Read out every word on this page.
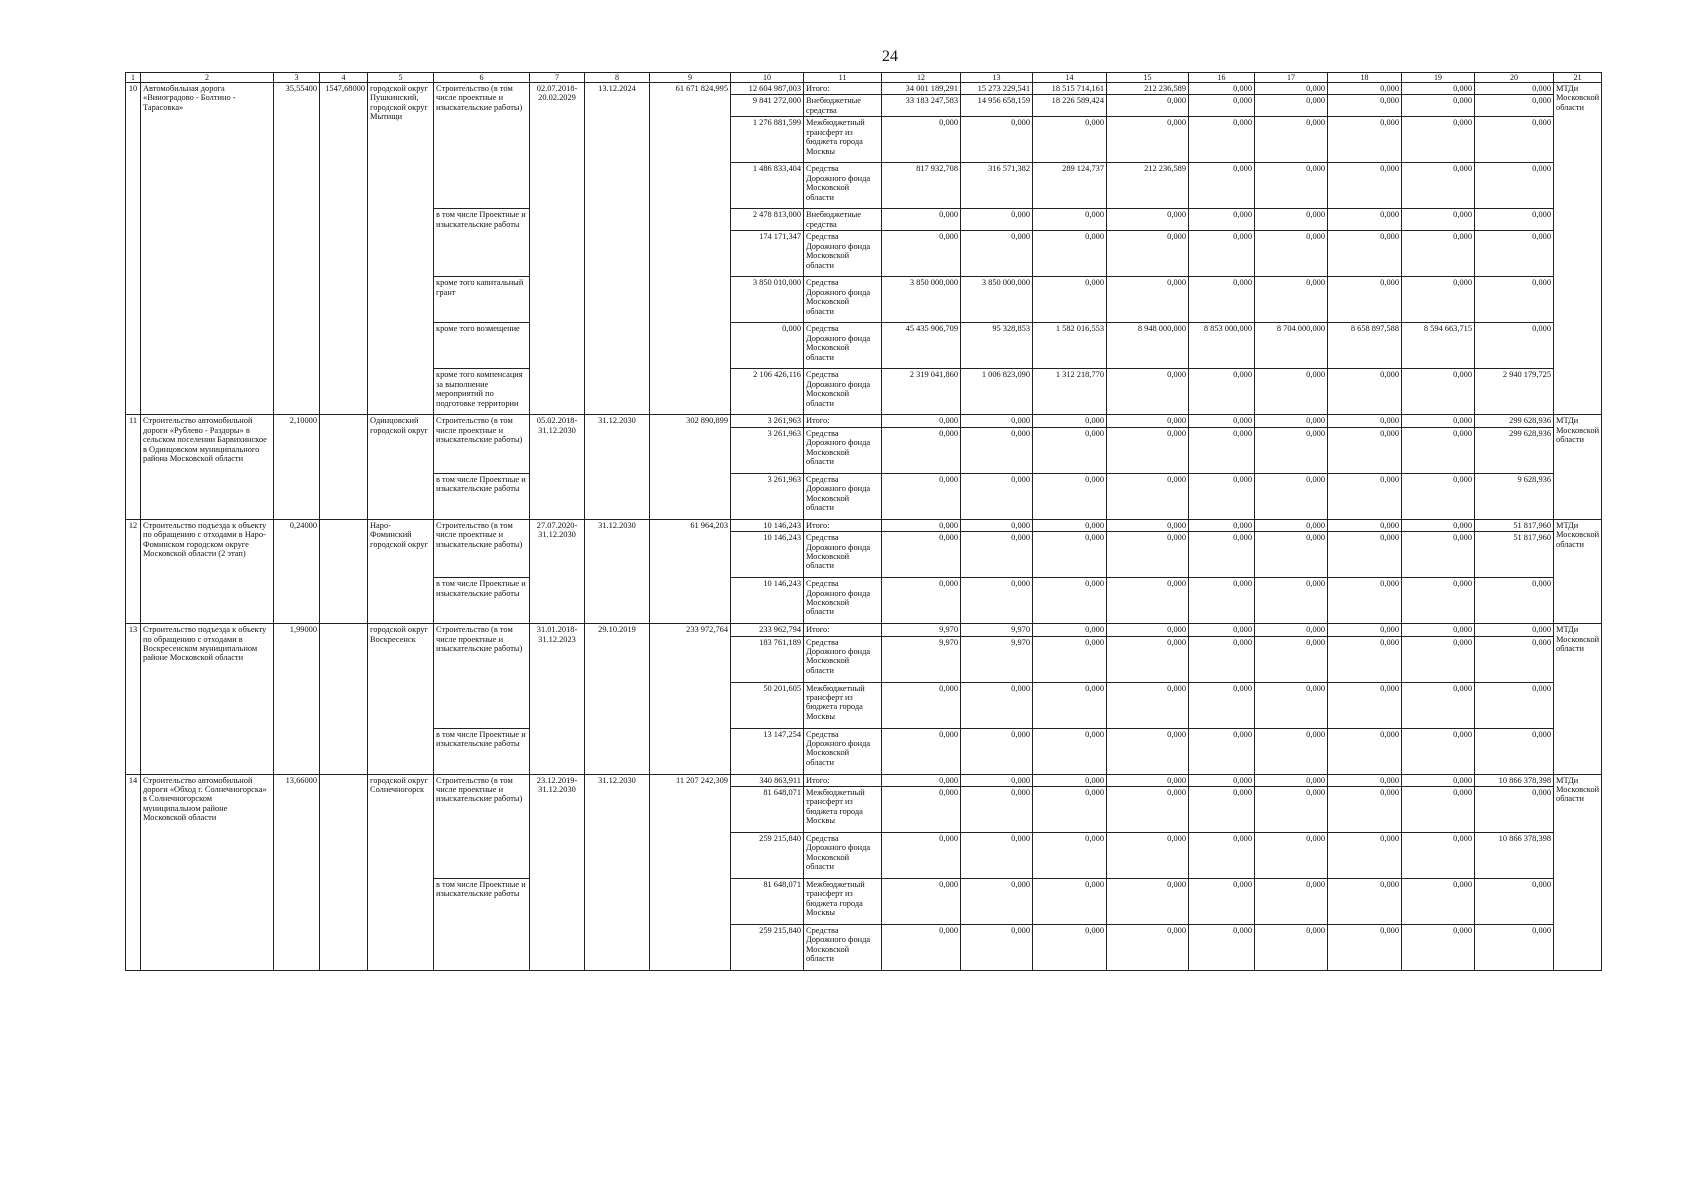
24
1	2	3	4	5	6	7	8	9	10	11	12	13	14	15	16	17	18	19	20	21
10	Автомобильная дорога «Виноградово - Болтино - Тарасовка»	35,55400	1547,68000	городской округ Пушкинский, городской округ Мытищи	Строительство (в том числе проектные и изыскательские работы)	02.07.2018-20.02.2029	13.12.2024	61 671 824,995	12 604 987,003	Итого:	34 001 189,291	15 273 229,541	18 515 714,161	212 236,589	0,000	0,000	0,000	0,000	0,000	МТДи Московской области
									9 841 272,000	Внебюджетные средства	33 183 247,583	14 956 658,159	18 226 589,424	0,000	0,000	0,000	0,000	0,000	0,000	
									1 276 881,599	Межбюджетный трансферт из бюджета города Москвы	0,000	0,000	0,000	0,000	0,000	0,000	0,000	0,000	0,000	
									1 486 833,404	Средства Дорожного фонда Московской области	817 932,708	316 571,382	289 124,737	212 236,589	0,000	0,000	0,000	0,000	0,000	
					в том числе Проектные и изыскательские работы				2 478 813,000	Внебюджетные средства	0,000	0,000	0,000	0,000	0,000	0,000	0,000	0,000	0,000	
									174 171,347	Средства Дорожного фонда Московской области	0,000	0,000	0,000	0,000	0,000	0,000	0,000	0,000	0,000	
					кроме того капитальный грант				3 850 010,000	Средства Дорожного фонда Московской области	3 850 000,000	3 850 000,000	0,000	0,000	0,000	0,000	0,000	0,000	0,000	
					кроме того возмещение				0,000	Средства Дорожного фонда Московской области	45 435 906,709	95 328,853	1 582 016,553	8 948 000,000	8 853 000,000	8 704 000,000	8 658 897,588	8 594 663,715	0,000	
					кроме того компенсация за выполнение мероприятий по подготовке территории				2 106 426,116	Средства Дорожного фонда Московской области	2 319 041,860	1 006 823,090	1 312 218,770	0,000	0,000	0,000	0,000	0,000	2 940 179,725	
11	Строительство автомобильной дороги «Рублево - Раздоры» в сельском поселении Барвихинское в Одинцовском муниципального района Московской области	2,10000		Одинцовский городской округ	Строительство (в том числе проектные и изыскательские работы)	05.02.2018-31.12.2030	31.12.2030	302 890,899	3 261,963	Итого:	0,000	0,000	0,000	0,000	0,000	0,000	0,000	0,000	299 628,936	МТДи Московской области
									3 261,963	Средства Дорожного фонда Московской области	0,000	0,000	0,000	0,000	0,000	0,000	0,000	0,000	299 628,936	
					в том числе Проектные и изыскательские работы				3 261,963	Средства Дорожного фонда Московской области	0,000	0,000	0,000	0,000	0,000	0,000	0,000	0,000	9 628,936	
12	Строительство подъезда к объекту по обращению с отходами в Наро-Фоминском городском округе Московской области (2 этап)	0,24000		Наро-Фоминский городской округ	Строительство (в том числе проектные и изыскательские работы)	27.07.2020-31.12.2030	31.12.2030	61 964,203	10 146,243	Итого:	0,000	0,000	0,000	0,000	0,000	0,000	0,000	0,000	51 817,960	МТДи Московской области
									10 146,243	Средства Дорожного фонда Московской области	0,000	0,000	0,000	0,000	0,000	0,000	0,000	0,000	51 817,960	
					в том числе Проектные и изыскательские работы				10 146,243	Средства Дорожного фонда Московской области	0,000	0,000	0,000	0,000	0,000	0,000	0,000	0,000	0,000	
13	Строительство подъезда к объекту по обращению с отходами в Воскресенском муниципальном районе Московской области	1,99000		городской округ Воскресенск	Строительство (в том числе проектные и изыскательские работы)	31.01.2018-31.12.2023	29.10.2019	233 972,764	233 962,794	Итого:	9,970	9,970	0,000	0,000	0,000	0,000	0,000	0,000	0,000	МТДи Московской области
									183 761,189	Средства Дорожного фонда Московской области	9,970	9,970	0,000	0,000	0,000	0,000	0,000	0,000	0,000	
									50 201,605	Межбюджетный трансферт из бюджета города Москвы	0,000	0,000	0,000	0,000	0,000	0,000	0,000	0,000	0,000	
					в том числе Проектные и изыскательские работы				13 147,254	Средства Дорожного фонда Московской области	0,000	0,000	0,000	0,000	0,000	0,000	0,000	0,000	0,000	
14	Строительство автомобильной дороги «Обход г. Солнечногорска» в Солнечногорском муниципальном районе Московской области	13,66000		городской округ Солнечногорск	Строительство (в том числе проектные и изыскательские работы)	23.12.2019-31.12.2030	31.12.2030	11 207 242,309	340 863,911	Итого:	0,000	0,000	0,000	0,000	0,000	0,000	0,000	0,000	10 866 378,398	МТДи Московской области
									81 648,071	Межбюджетный трансферт из бюджета города Москвы	0,000	0,000	0,000	0,000	0,000	0,000	0,000	0,000	0,000	
									259 215,840	Средства Дорожного фонда Московской области	0,000	0,000	0,000	0,000	0,000	0,000	0,000	0,000	10 866 378,398	
					в том числе Проектные и изыскательские работы				81 648,071	Межбюджетный трансферт из бюджета города Москвы	0,000	0,000	0,000	0,000	0,000	0,000	0,000	0,000	0,000	
									259 215,840	Средства Дорожного фонда Московской области	0,000	0,000	0,000	0,000	0,000	0,000	0,000	0,000	0,000	
